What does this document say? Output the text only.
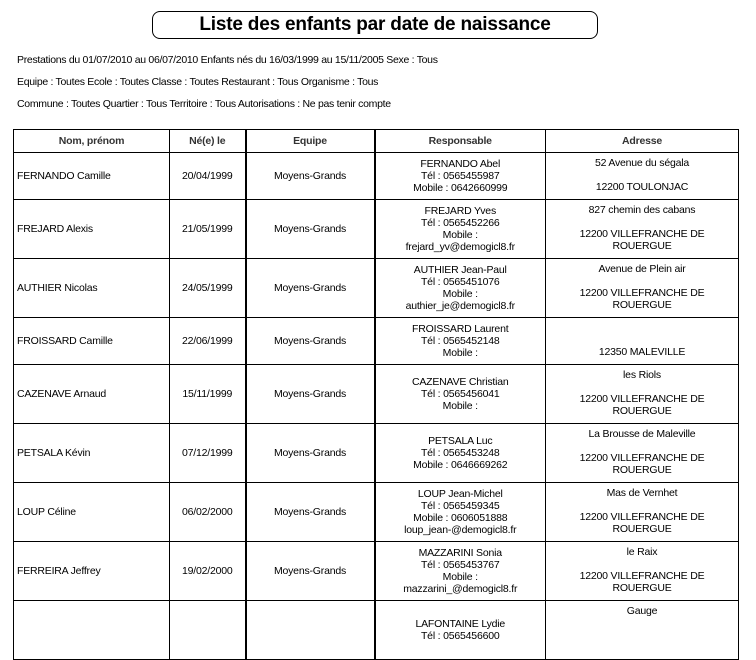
Liste des enfants par date de naissance
Prestations du 01/07/2010 au 06/07/2010 Enfants nés du 16/03/1999 au 15/11/2005 Sexe : Tous
Equipe : Toutes Ecole : Toutes Classe : Toutes Restaurant : Tous Organisme : Tous
Commune : Toutes Quartier : Tous Territoire : Tous Autorisations : Ne pas tenir compte
Nom, prénom	Né(e) le	Equipe	Responsable	Adresse
FERNANDO Camille	20/04/1999	Moyens-Grands	FERNANDO Abel
Tél : 0565455987
Mobile : 0642660999	52 Avenue du ségala
12200 TOULONJAC

FREJARD Alexis	21/05/1999	Moyens-Grands	FREJARD Yves
Tél : 0565452266
Mobile :
frejard_yv@demogicl8.fr	827 chemin des cabans
12200 VILLEFRANCHE DE
ROUERGUE

AUTHIER Nicolas	24/05/1999	Moyens-Grands	AUTHIER Jean-Paul
Tél : 0565451076
Mobile :
authier_je@demogicl8.fr	Avenue de Plein air
12200 VILLEFRANCHE DE
ROUERGUE

FROISSARD Camille	22/06/1999	Moyens-Grands	FROISSARD Laurent
Tél : 0565452148
Mobile :	12350 MALEVILLE

CAZENAVE Arnaud	15/11/1999	Moyens-Grands	CAZENAVE Christian
Tél : 0565456041
Mobile :	les Riols
12200 VILLEFRANCHE DE
ROUERGUE

PETSALA Kévin	07/12/1999	Moyens-Grands	PETSALA Luc
Tél : 0565453248
Mobile : 0646669262	La Brousse de Maleville
12200 VILLEFRANCHE DE
ROUERGUE

LOUP Céline	06/02/2000	Moyens-Grands	LOUP Jean-Michel
Tél : 0565459345
Mobile : 0606051888
loup_jean-@demogicl8.fr	Mas de Vernhet
12200 VILLEFRANCHE DE
ROUERGUE

FERREIRA Jeffrey	19/02/2000	Moyens-Grands	MAZZARINI Sonia
Tél : 0565453767
Mobile :
mazzarini_@demogicl8.fr	le Raix
12200 VILLEFRANCHE DE
ROUERGUE

			LAFONTAINE Lydie
Tél : 0565456600	Gauge
